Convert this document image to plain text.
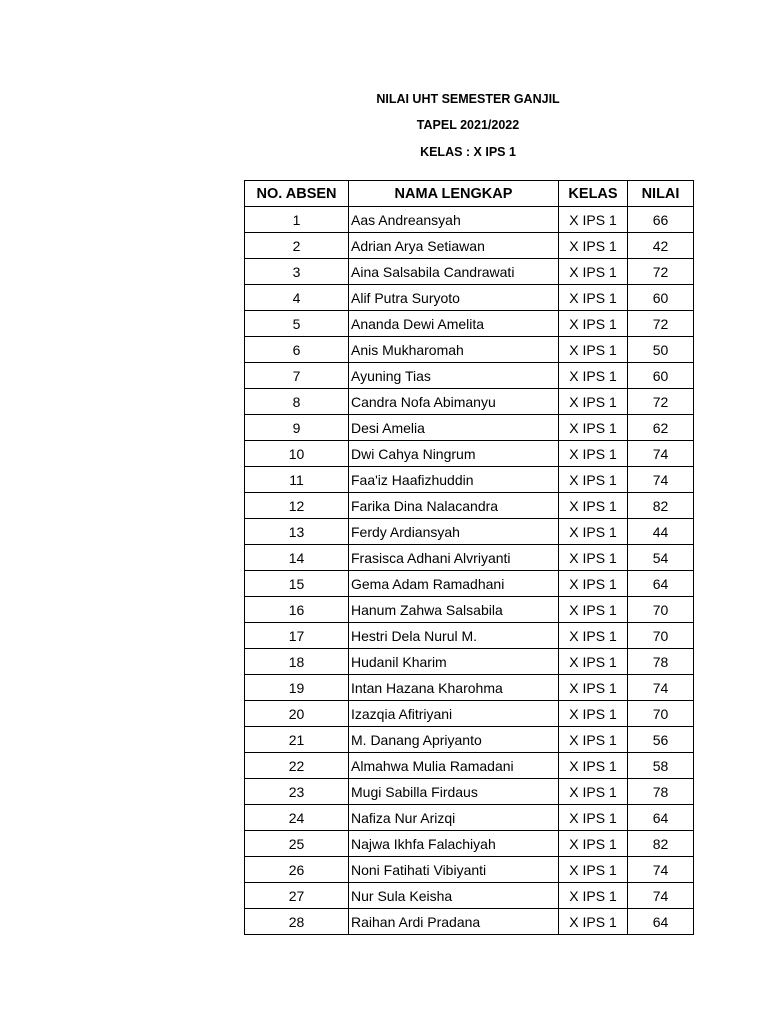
NILAI UHT SEMESTER GANJIL
TAPEL 2021/2022
KELAS : X IPS 1
NO. ABSEN	NAMA LENGKAP	KELAS	NILAI
1	Aas Andreansyah	X IPS 1	66
2	Adrian Arya Setiawan	X IPS 1	42
3	Aina Salsabila Candrawati	X IPS 1	72
4	Alif Putra Suryoto	X IPS 1	60
5	Ananda Dewi Amelita	X IPS 1	72
6	Anis Mukharomah	X IPS 1	50
7	Ayuning Tias	X IPS 1	60
8	Candra Nofa Abimanyu	X IPS 1	72
9	Desi Amelia	X IPS 1	62
10	Dwi Cahya Ningrum	X IPS 1	74
11	Faa'iz Haafizhuddin	X IPS 1	74
12	Farika Dina Nalacandra	X IPS 1	82
13	Ferdy Ardiansyah	X IPS 1	44
14	Frasisca Adhani Alvriyanti	X IPS 1	54
15	Gema Adam Ramadhani	X IPS 1	64
16	Hanum Zahwa Salsabila	X IPS 1	70
17	Hestri Dela Nurul M.	X IPS 1	70
18	Hudanil Kharim	X IPS 1	78
19	Intan Hazana Kharohma	X IPS 1	74
20	Izazqia Afitriyani	X IPS 1	70
21	M. Danang Apriyanto	X IPS 1	56
22	Almahwa Mulia Ramadani	X IPS 1	58
23	Mugi Sabilla Firdaus	X IPS 1	78
24	Nafiza Nur Arizqi	X IPS 1	64
25	Najwa Ikhfa Falachiyah	X IPS 1	82
26	Noni Fatihati Vibiyanti	X IPS 1	74
27	Nur Sula Keisha	X IPS 1	74
28	Raihan Ardi Pradana	X IPS 1	64
